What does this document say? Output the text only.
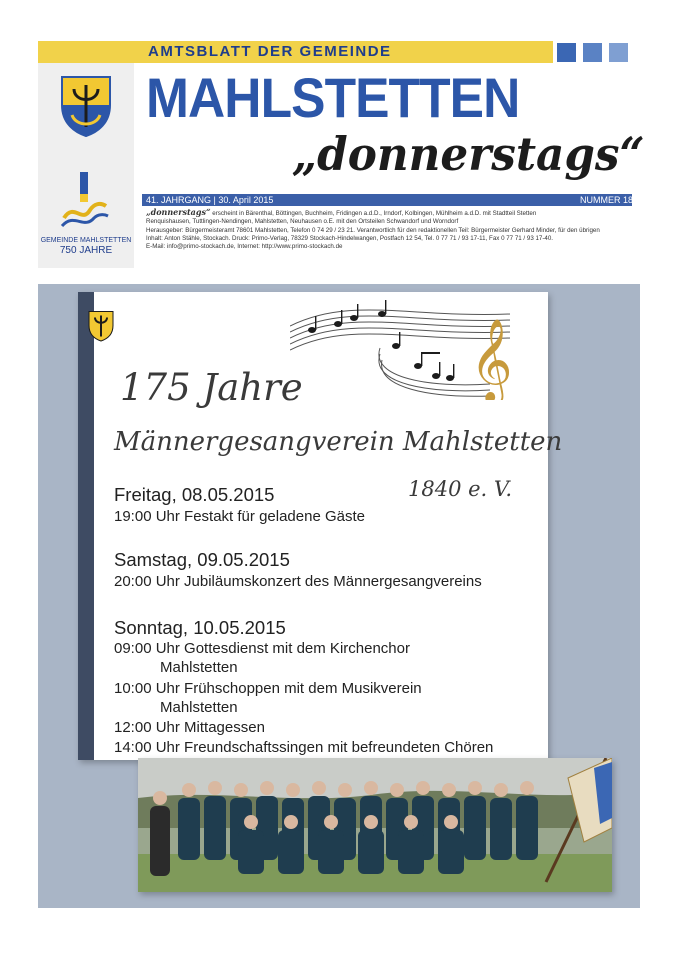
AMTSBLATT DER GEMEINDE
GEMEINDE MAHLSTETTEN
750 JAHRE
MAHLSTETTEN
„donnerstags“
41. JAHRGANG | 30. April 2015	NUMMER 18
„donnerstags“ erscheint in Bärenthal, Böttingen, Buchheim, Fridingen a.d.D., Irndorf, Kolbingen, Mühlheim a.d.D. mit Stadtteil Stetten
Renquishausen, Tuttlingen-Nendingen, Mahlstetten, Neuhausen o.E. mit den Ortsteilen Schwandorf und Worndorf
Herausgeber: Bürgermeisteramt 78601 Mahlstetten, Telefon 0 74 29 / 23 21. Verantwortlich für den redaktionellen Teil: Bürgermeister Gerhard Minder, für den übrigen
Inhalt: Anton Stähle, Stockach. Druck: Primo-Verlag, 78329 Stockach-Hindelwangen, Postfach 12 54, Tel. 0 77 71 / 93 17-11, Fax 0 77 71 / 93 17-40.
E-Mail: info@primo-stockach.de, Internet: http://www.primo-stockach.de
𝄞
175 Jahre
Männergesangverein Mahlstetten
1840 e. V.
Freitag, 08.05.2015
19:00 Uhr Festakt für geladene Gäste
Samstag, 09.05.2015
20:00 Uhr Jubiläumskonzert des Männergesangvereins
Sonntag, 10.05.2015
09:00 Uhr Gottesdienst mit dem Kirchenchor
Mahlstetten
10:00 Uhr Frühschoppen mit dem Musikverein
Mahlstetten
12:00 Uhr Mittagessen
14:00 Uhr Freundschaftssingen mit befreundeten Chören
